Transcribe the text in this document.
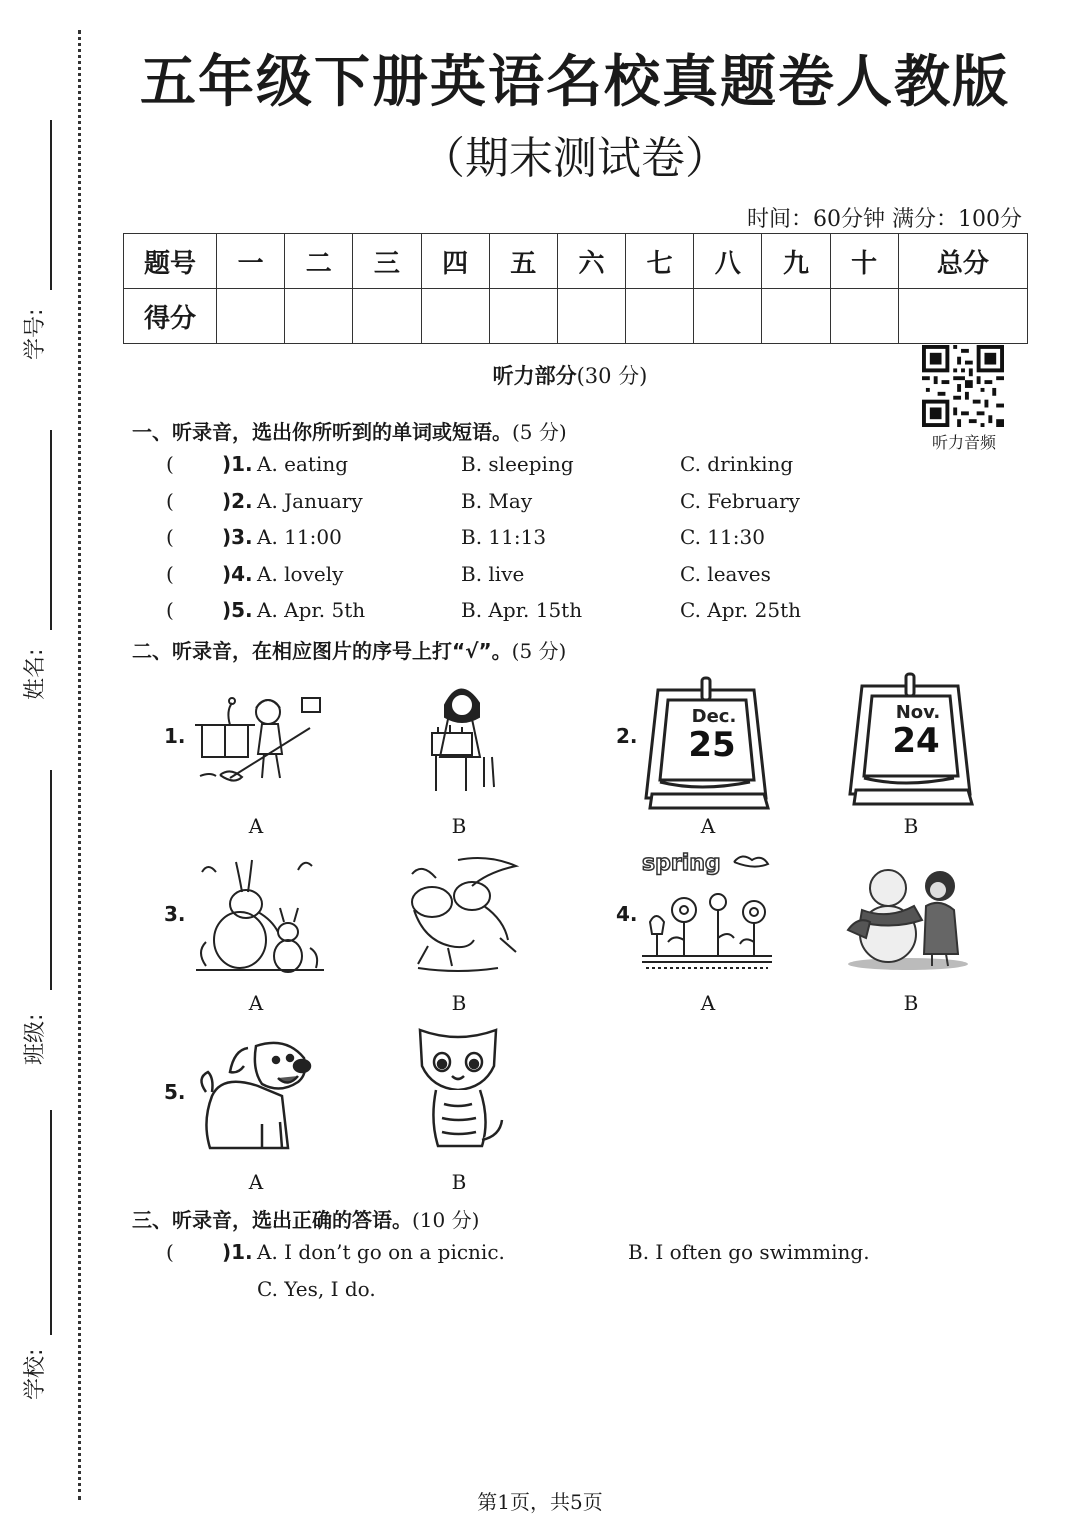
学号:
姓名:
班级:
学校:
五年级下册英语名校真题卷人教版
（期末测试卷）
时间：60分钟 满分：100分
题号	一	二	三	四	五	六	七	八	九	十	总分
得分											
听力音频
听力部分(30 分)
一、听录音，选出你所听到的单词或短语。(5 分)
( )1. A. eating	B. sleeping	C. drinking
( )2. A. January	B. May	C. February
( )3. A. 11:00	B. 11:13	C. 11:30
( )4. A. lovely	B. live	C. leaves
( )5. A. Apr. 5th	B. Apr. 15th	C. Apr. 25th
二、听录音，在相应图片的序号上打“√”。(5 分)
1.
A	B
2.
Dec.
25
A
Nov.
24
B
3.
A	B
4.
spring
A	B
5.
A	B
三、听录音，选出正确的答语。(10 分)
( )1. A. I don’t go on a picnic.	B. I often go swimming.
C. Yes, I do.
第1页，共5页
